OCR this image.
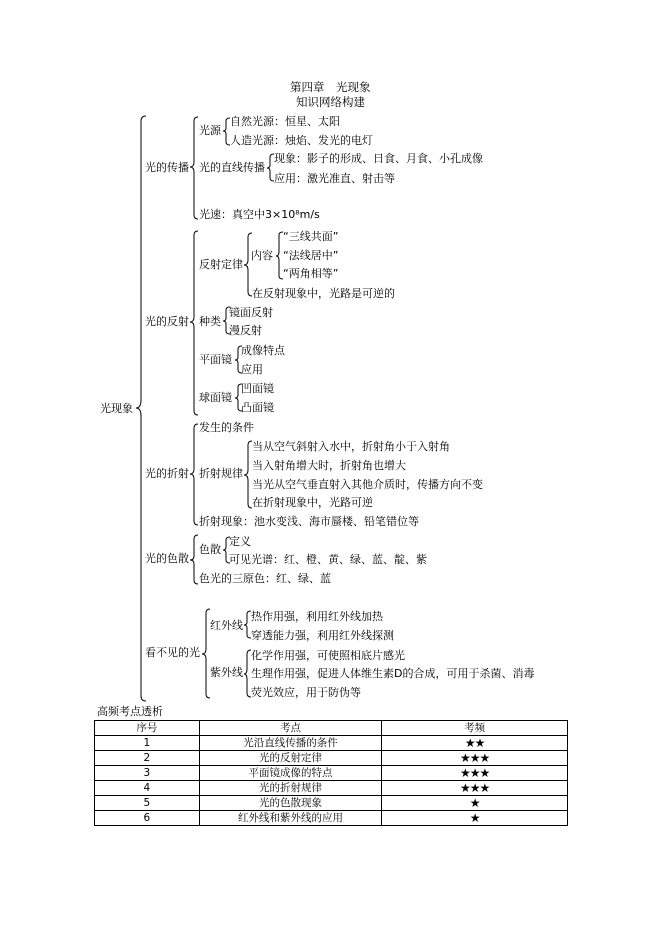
第四章　光现象
知识网络构建
光现象
光的传播
光源
自然光源：恒星、太阳
人造光源：烛焰、发光的电灯
光的直线传播
现象：影子的形成、日食、月食、小孔成像
应用：激光准直、射击等
光速：真空中3×10⁸m/s
光的反射
反射定律
内容
“三线共面”
“法线居中”
“两角相等”
在反射现象中，光路是可逆的
种类
镜面反射
漫反射
平面镜
成像特点
应用
球面镜
凹面镜
凸面镜
光的折射
发生的条件
折射规律
当从空气斜射入水中，折射角小于入射角
当入射角增大时，折射角也增大
当光从空气垂直射入其他介质时，传播方向不变
在折射现象中，光路可逆
折射现象：池水变浅、海市蜃楼、铅笔错位等
光的色散
色散
定义
可见光谱：红、橙、黄、绿、蓝、靛、紫
色光的三原色：红、绿、蓝
看不见的光
红外线
热作用强，利用红外线加热
穿透能力强，利用红外线探测
紫外线
化学作用强，可使照相底片感光
生理作用强，促进人体维生素D的合成，可用于杀菌、消毒
荧光效应，用于防伪等
高频考点透析
序号	考点	考频
1	光沿直线传播的条件	★★
2	光的反射定律	★★★
3	平面镜成像的特点	★★★
4	光的折射规律	★★★
5	光的色散现象	★
6	红外线和紫外线的应用	★
